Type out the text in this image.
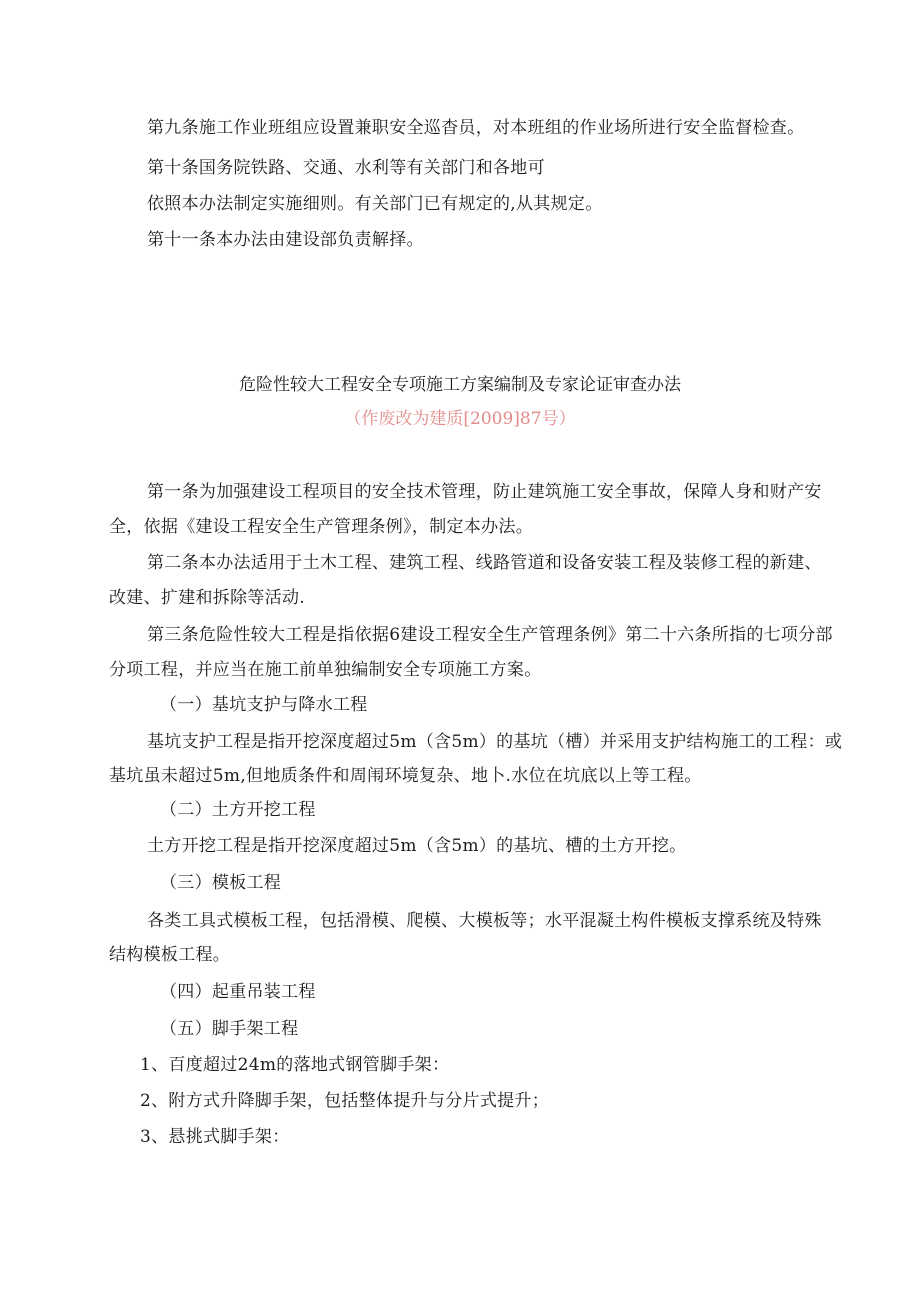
第九条施工作业班组应设置兼职安全巡杳员，对本班组的作业场所进行安全监督检查。
第十条国务院铁路、交通、水利等有关部门和各地可
依照本办法制定实施细则。有关部门已有规定的,从其规定。
第十一条本办法由建设部负责解择。
危险性较大工程安全专项施工方案编制及专家论证审查办法
（作废改为建质[2009]87号）
第一条为加强建设工程项目的安全技术管理，防止建筑施工安全事故，保障人身和财产安
全，依据《建设工程安全生产管理条例》，制定本办法。
第二条本办法适用于土木工程、建筑工程、线路管道和设备安装工程及装修工程的新建、
改建、扩建和拆除等活动.
第三条危险性较大工程是指依据6建设工程安全生产管理条例》第二十六条所指的七项分部
分项工程，并应当在施工前单独编制安全专项施工方案。
（一）基坑支护与降水工程
基坑支护工程是指开挖深度超过5m（含5m）的基坑（槽）并采用支护结构施工的工程：或
基坑虽未超过5m,但地质条件和周闱环境复杂、地卜.水位在坑底以上等工程。
（二）土方开挖工程
土方开挖工程是指开挖深度超过5m（含5m）的基坑、槽的土方开挖。
（三）模板工程
各类工具式模板工程，包括滑模、爬模、大模板等；水平混凝土构件模板支撑系统及特殊
结构模板工程。
（四）起重吊装工程
（五）脚手架工程
1、百度超过24m的落地式钢管脚手架：
2、附方式升降脚手架，包括整体提升与分片式提升；
3、悬挑式脚手架：
